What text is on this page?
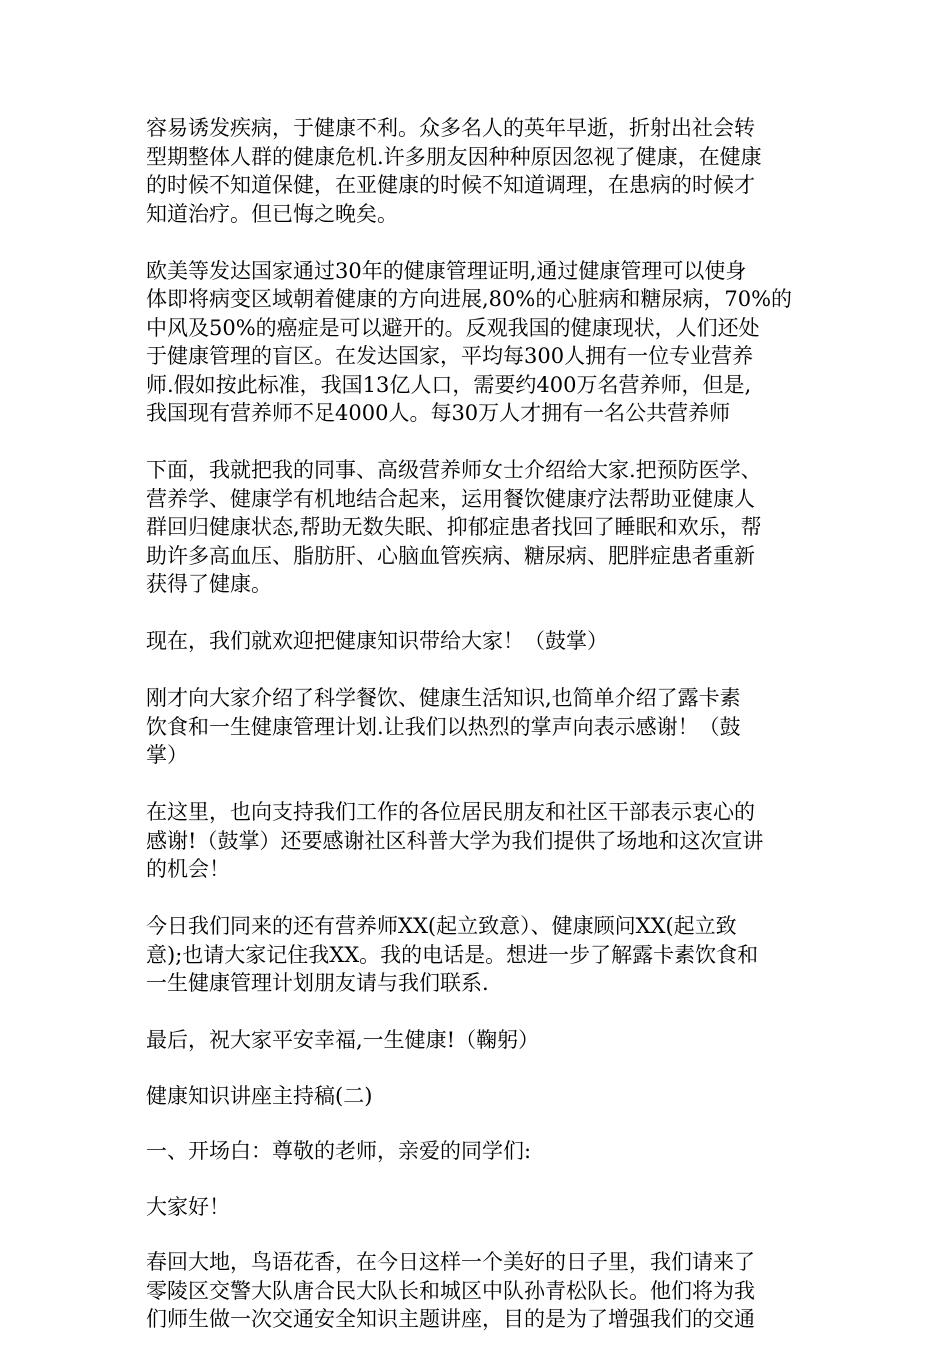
容易诱发疾病，于健康不利。众多名人的英年早逝，折射出社会转
型期整体人群的健康危机.许多朋友因种种原因忽视了健康，在健康
的时候不知道保健，在亚健康的时候不知道调理，在患病的时候才
知道治疗。但已悔之晚矣。
欧美等发达国家通过30年的健康管理证明,通过健康管理可以使身
体即将病变区域朝着健康的方向进展,80%的心脏病和糖尿病，70%的
中风及50%的癌症是可以避开的。反观我国的健康现状，人们还处
于健康管理的盲区。在发达国家，平均每300人拥有一位专业营养
师.假如按此标准，我国13亿人口，需要约400万名营养师，但是,
我国现有营养师不足4000人。每30万人才拥有一名公共营养师
下面，我就把我的同事、高级营养师女士介绍给大家.把预防医学、
营养学、健康学有机地结合起来，运用餐饮健康疗法帮助亚健康人
群回归健康状态,帮助无数失眠、抑郁症患者找回了睡眠和欢乐，帮
助许多高血压、脂肪肝、心脑血管疾病、糖尿病、肥胖症患者重新
获得了健康。
现在，我们就欢迎把健康知识带给大家！（鼓掌）
刚才向大家介绍了科学餐饮、健康生活知识,也简单介绍了露卡素
饮食和一生健康管理计划.让我们以热烈的掌声向表示感谢！（鼓
掌）
在这里，也向支持我们工作的各位居民朋友和社区干部表示衷心的
感谢!（鼓掌）还要感谢社区科普大学为我们提供了场地和这次宣讲
的机会！
今日我们同来的还有营养师XX(起立致意）、健康顾问XX(起立致
意);也请大家记住我XX。我的电话是。想进一步了解露卡素饮食和
一生健康管理计划朋友请与我们联系.
最后，祝大家平安幸福,一生健康!（鞠躬）
健康知识讲座主持稿(二)
一、开场白：尊敬的老师，亲爱的同学们:
大家好！
春回大地，鸟语花香，在今日这样一个美好的日子里，我们请来了
零陵区交警大队唐合民大队长和城区中队孙青松队长。他们将为我
们师生做一次交通安全知识主题讲座，目的是为了增强我们的交通
